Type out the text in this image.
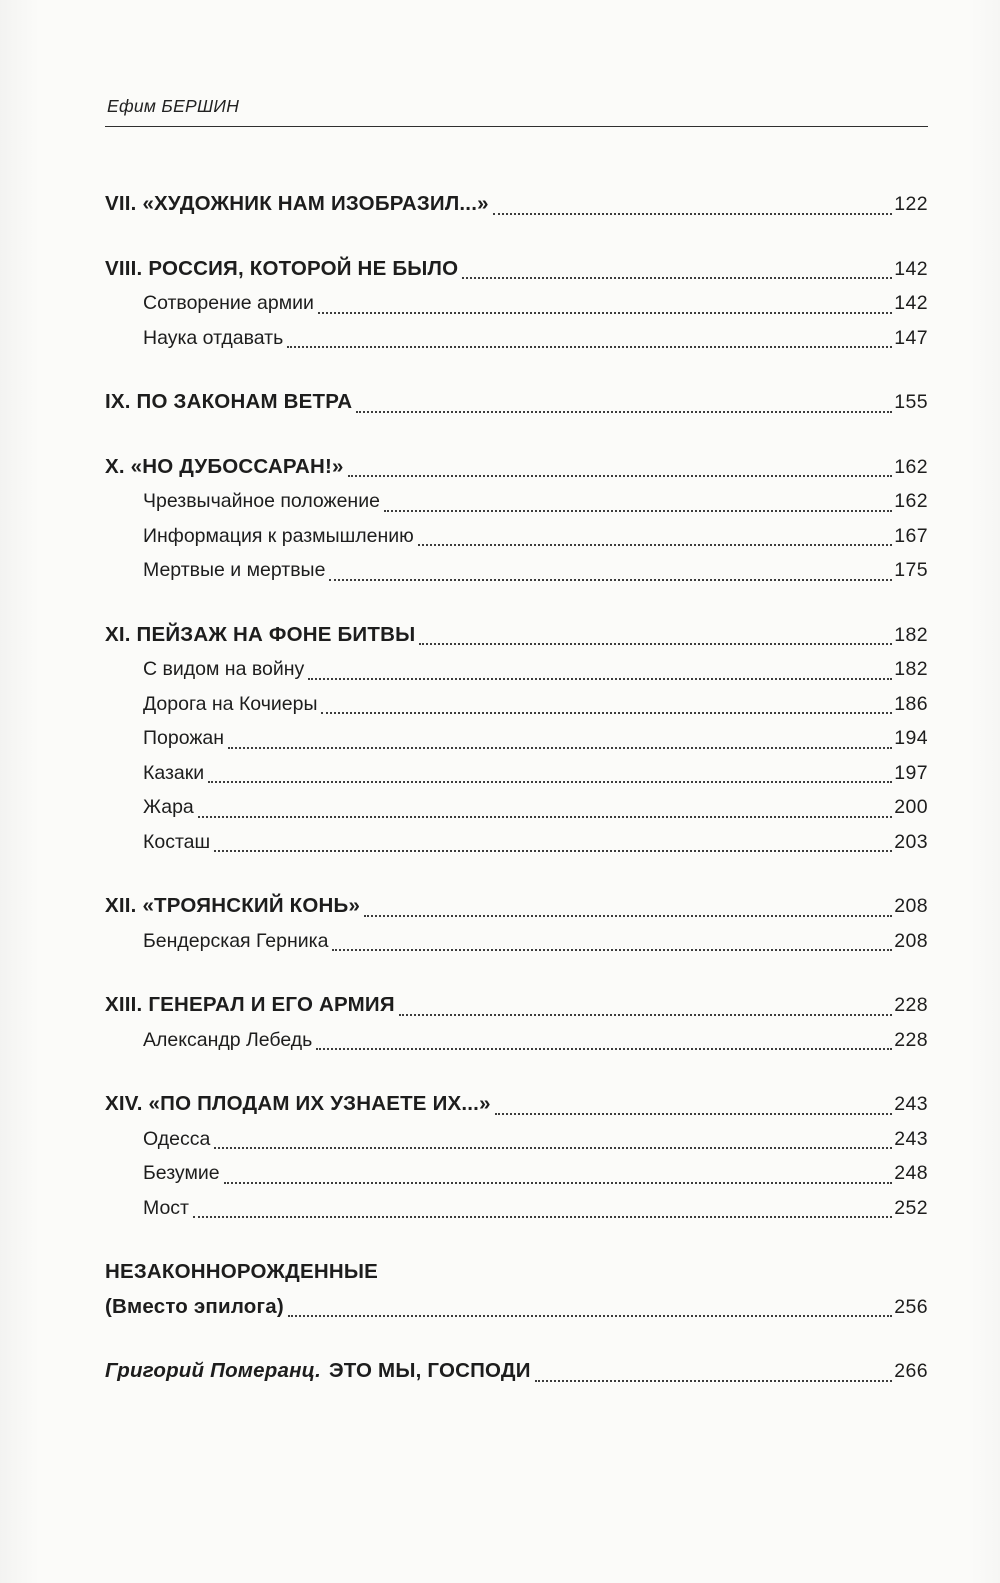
Ефим БЕРШИН
VII. «ХУДОЖНИК НАМ ИЗОБРАЗИЛ...»	122
VIII. РОССИЯ, КОТОРОЙ НЕ БЫЛО	142
Сотворение армии	142
Наука отдавать	147
IX. ПО ЗАКОНАМ ВЕТРА	155
X. «НО ДУБОССАРАН!»	162
Чрезвычайное положение	162
Информация к размышлению	167
Мертвые и мертвые	175
XI. ПЕЙЗАЖ НА ФОНЕ БИТВЫ	182
С видом на войну	182
Дорога на Кочиеры	186
Порожан	194
Казаки	197
Жара	200
Косташ	203
XII. «ТРОЯНСКИЙ КОНЬ»	208
Бендерская Герника	208
XIII. ГЕНЕРАЛ И ЕГО АРМИЯ	228
Александр Лебедь	228
XIV. «ПО ПЛОДАМ ИХ УЗНАЕТЕ ИХ...»	243
Одесса	243
Безумие	248
Мост	252
НЕЗАКОННОРОЖДЕННЫЕ
(Вместо эпилога)	256
Григорий Померанц. ЭТО МЫ, ГОСПОДИ	266
